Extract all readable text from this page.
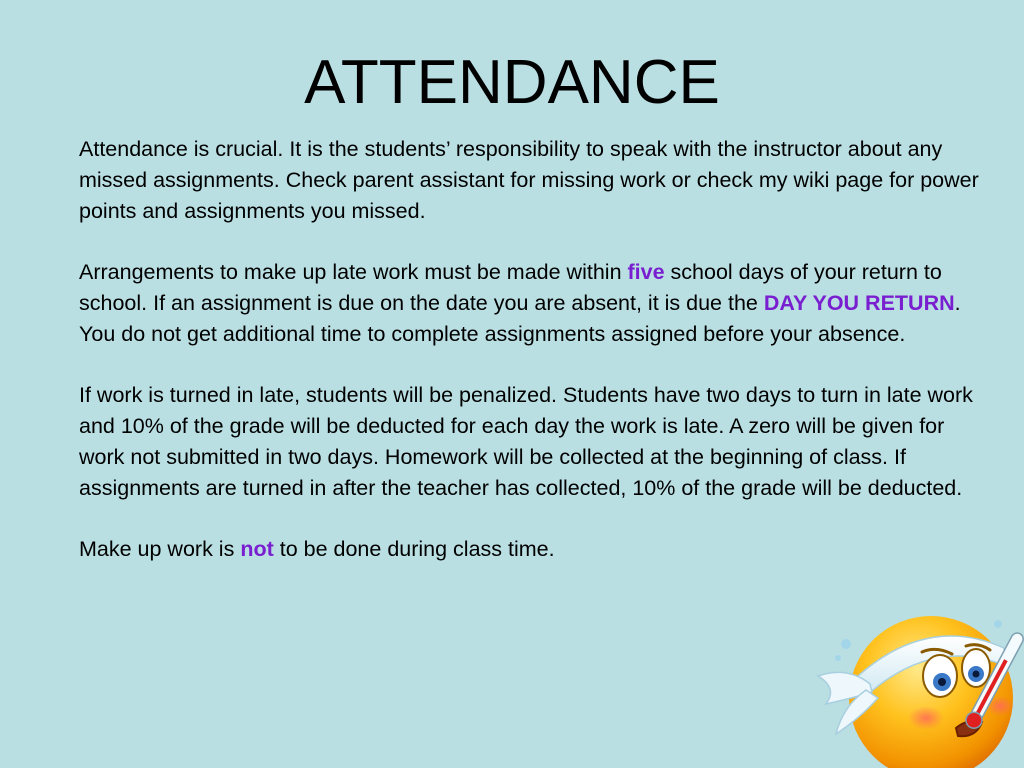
ATTENDANCE

Attendance is crucial. It is the students’ responsibility to speak with the instructor about any missed assignments. Check parent assistant for missing work or check my wiki page for power points and assignments you missed.

Arrangements to make up late work must be made within five school days of your return to school. If an assignment is due on the date you are absent, it is due the DAY YOU RETURN. You do not get additional time to complete assignments assigned before your absence.

If work is turned in late, students will be penalized. Students have two days to turn in late work and 10% of the grade will be deducted for each day the work is late. A zero will be given for work not submitted in two days. Homework will be collected at the beginning of class. If assignments are turned in after the teacher has collected, 10% of the grade will be deducted.

Make up work is not to be done during class time.
